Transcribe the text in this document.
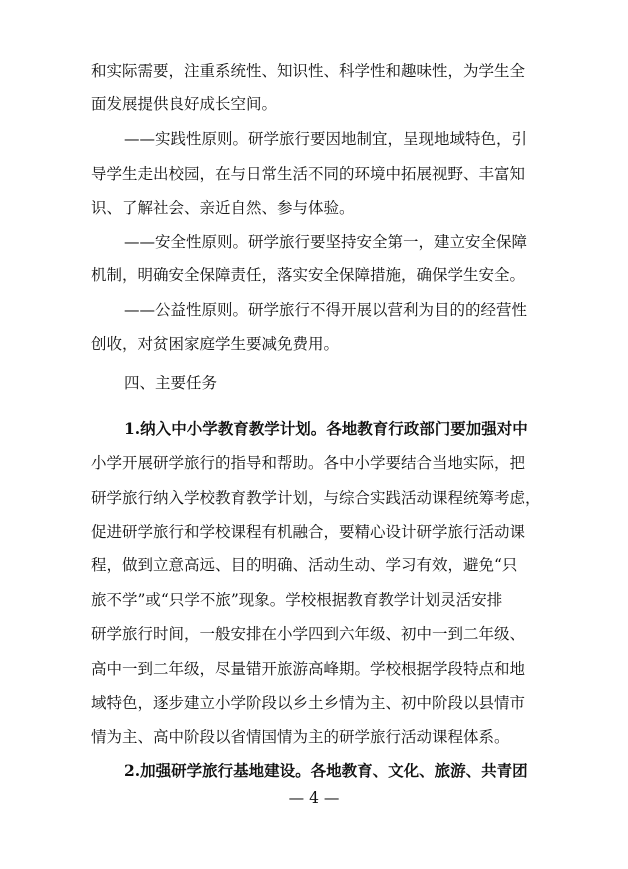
和实际需要，注重系统性、知识性、科学性和趣味性，为学生全
面发展提供良好成长空间。
——实践性原则。研学旅行要因地制宜，呈现地域特色，引
导学生走出校园，在与日常生活不同的环境中拓展视野、丰富知
识、了解社会、亲近自然、参与体验。
——安全性原则。研学旅行要坚持安全第一，建立安全保障
机制，明确安全保障责任，落实安全保障措施，确保学生安全。
——公益性原则。研学旅行不得开展以营利为目的的经营性
创收，对贫困家庭学生要减免费用。
四、主要任务
1.纳入中小学教育教学计划。各地教育行政部门要加强对中
小学开展研学旅行的指导和帮助。各中小学要结合当地实际，把
研学旅行纳入学校教育教学计划，与综合实践活动课程统筹考虑，
促进研学旅行和学校课程有机融合，要精心设计研学旅行活动课
程，做到立意高远、目的明确、活动生动、学习有效，避免“只
旅不学”或“只学不旅”现象。学校根据教育教学计划灵活安排
研学旅行时间，一般安排在小学四到六年级、初中一到二年级、
高中一到二年级，尽量错开旅游高峰期。学校根据学段特点和地
域特色，逐步建立小学阶段以乡土乡情为主、初中阶段以县情市
情为主、高中阶段以省情国情为主的研学旅行活动课程体系。
2.加强研学旅行基地建设。各地教育、文化、旅游、共青团
— 4 —
